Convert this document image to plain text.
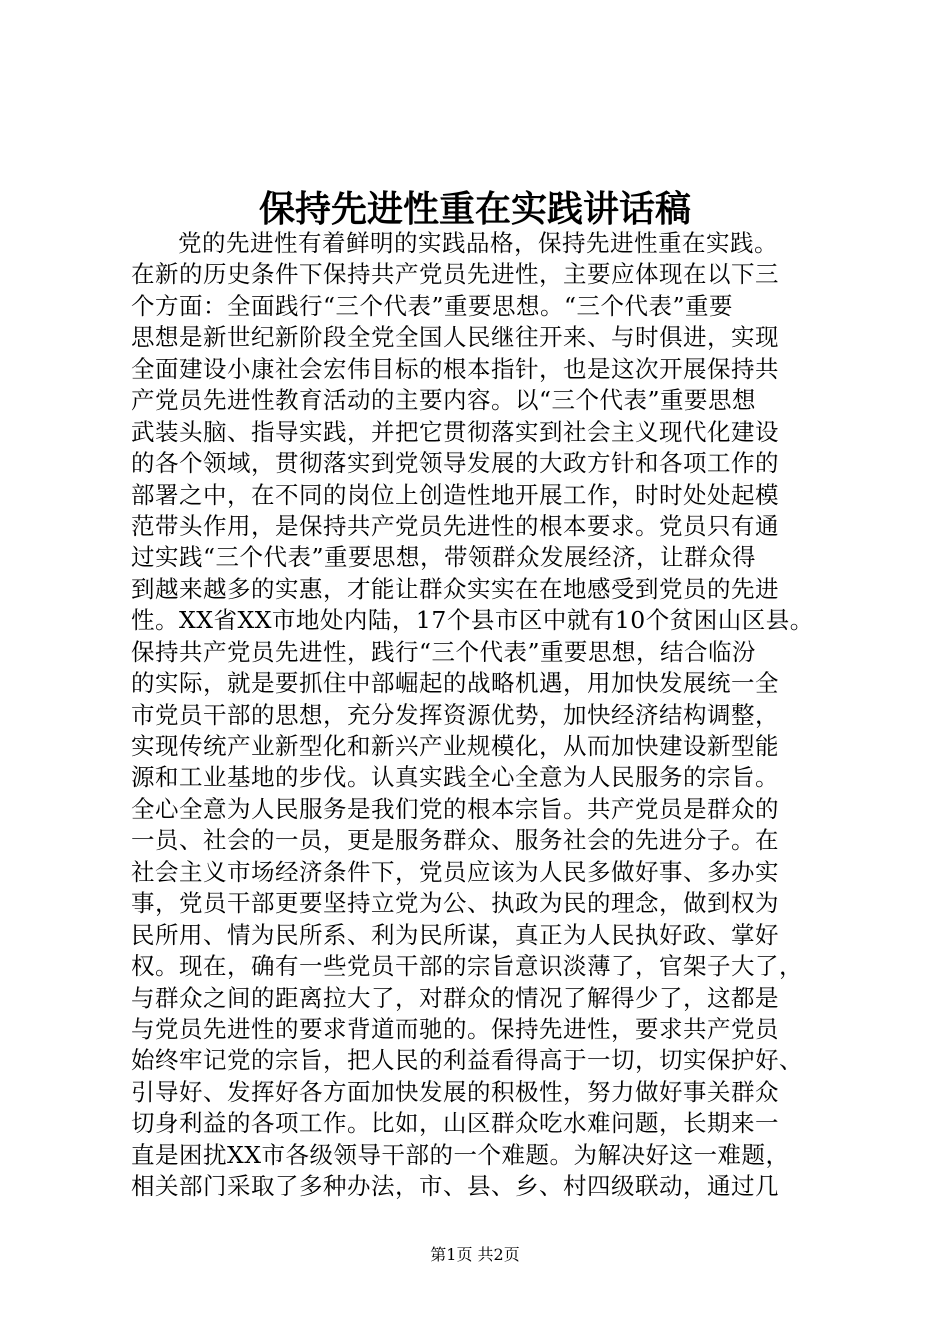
保持先进性重在实践讲话稿
党的先进性有着鲜明的实践品格，保持先进性重在实践。
在新的历史条件下保持共产党员先进性，主要应体现在以下三
个方面：全面践行“三个代表”重要思想。“三个代表”重要
思想是新世纪新阶段全党全国人民继往开来、与时俱进，实现
全面建设小康社会宏伟目标的根本指针，也是这次开展保持共
产党员先进性教育活动的主要内容。以“三个代表”重要思想
武装头脑、指导实践，并把它贯彻落实到社会主义现代化建设
的各个领域，贯彻落实到党领导发展的大政方针和各项工作的
部署之中，在不同的岗位上创造性地开展工作，时时处处起模
范带头作用，是保持共产党员先进性的根本要求。党员只有通
过实践“三个代表”重要思想，带领群众发展经济，让群众得
到越来越多的实惠，才能让群众实实在在地感受到党员的先进
性。XX省XX市地处内陆，17个县市区中就有10个贫困山区县。
保持共产党员先进性，践行“三个代表”重要思想，结合临汾
的实际，就是要抓住中部崛起的战略机遇，用加快发展统一全
市党员干部的思想，充分发挥资源优势，加快经济结构调整，
实现传统产业新型化和新兴产业规模化，从而加快建设新型能
源和工业基地的步伐。认真实践全心全意为人民服务的宗旨。
全心全意为人民服务是我们党的根本宗旨。共产党员是群众的
一员、社会的一员，更是服务群众、服务社会的先进分子。在
社会主义市场经济条件下，党员应该为人民多做好事、多办实
事，党员干部更要坚持立党为公、执政为民的理念，做到权为
民所用、情为民所系、利为民所谋，真正为人民执好政、掌好
权。现在，确有一些党员干部的宗旨意识淡薄了，官架子大了，
与群众之间的距离拉大了，对群众的情况了解得少了，这都是
与党员先进性的要求背道而驰的。保持先进性，要求共产党员
始终牢记党的宗旨，把人民的利益看得高于一切，切实保护好、
引导好、发挥好各方面加快发展的积极性，努力做好事关群众
切身利益的各项工作。比如，山区群众吃水难问题，长期来一
直是困扰XX市各级领导干部的一个难题。为解决好这一难题，
相关部门采取了多种办法，市、县、乡、村四级联动，通过几
第1页 共2页
